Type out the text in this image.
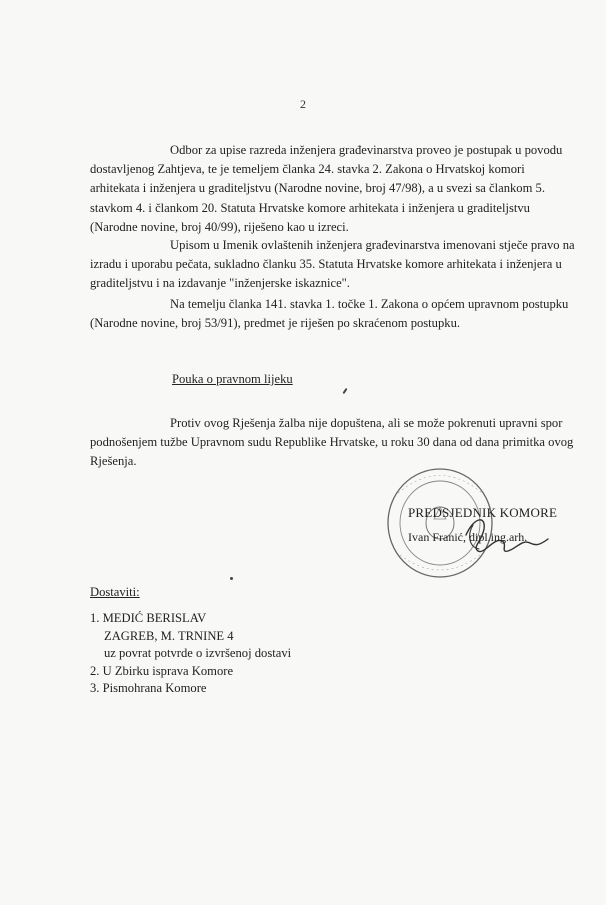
2
Odbor za upise razreda inženjera građevinarstva proveo je postupak u povodu
dostavljenog Zahtjeva, te je temeljem članka 24. stavka 2. Zakona o Hrvatskoj komori
arhitekata i inženjera u graditeljstvu (Narodne novine, broj 47/98), a u svezi sa člankom 5.
stavkom 4. i člankom 20. Statuta Hrvatske komore arhitekata i inženjera u graditeljstvu
(Narodne novine, broj 40/99), riješeno kao u izreci.
Upisom u Imenik ovlaštenih inženjera građevinarstva imenovani stječe pravo na
izradu i uporabu pečata, sukladno članku 35. Statuta Hrvatske komore arhitekata i inženjera u
graditeljstvu i na izdavanje "inženjerske iskaznice".
Na temelju članka 141. stavka 1. točke 1. Zakona o općem upravnom postupku
(Narodne novine, broj 53/91), predmet je riješen po skraćenom postupku.
Pouka o pravnom lijeku
Protiv ovog Rješenja žalba nije dopuštena, ali se može pokrenuti upravni spor
podnošenjem tužbe Upravnom sudu Republike Hrvatske, u roku 30 dana od dana primitka ovog
Rješenja.
PREDSJEDNIK KOMORE
Ivan Franić, dipl.ing.arh.
Dostaviti:
1. MEDIĆ BERISLAV
ZAGREB, M. TRNINE 4
uz povrat potvrde o izvršenoj dostavi
2. U Zbirku isprava Komore
3. Pismohrana Komore
